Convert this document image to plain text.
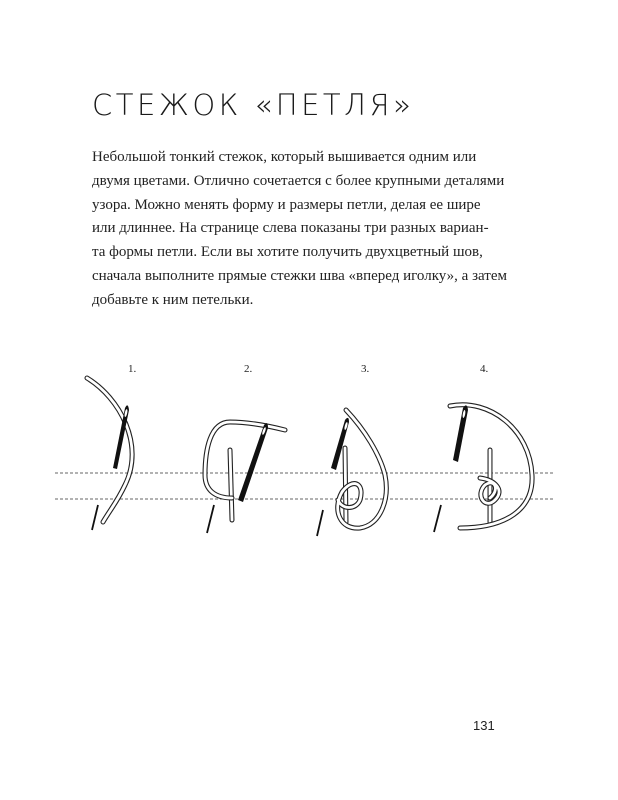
СТЕЖОК «ПЕТЛЯ»

Небольшой тонкий стежок, который вышивается одним или
двумя цветами. Отлично сочетается с более крупными деталями
узора. Можно менять форму и размеры петли, делая ее шире
или длиннее. На странице слева показаны три разных вариан-
та формы петли. Если вы хотите получить двухцветный шов,
сначала выполните прямые стежки шва «вперед иголку», а затем
добавьте к ним петельки.

1.	2.	3.	4.

131
